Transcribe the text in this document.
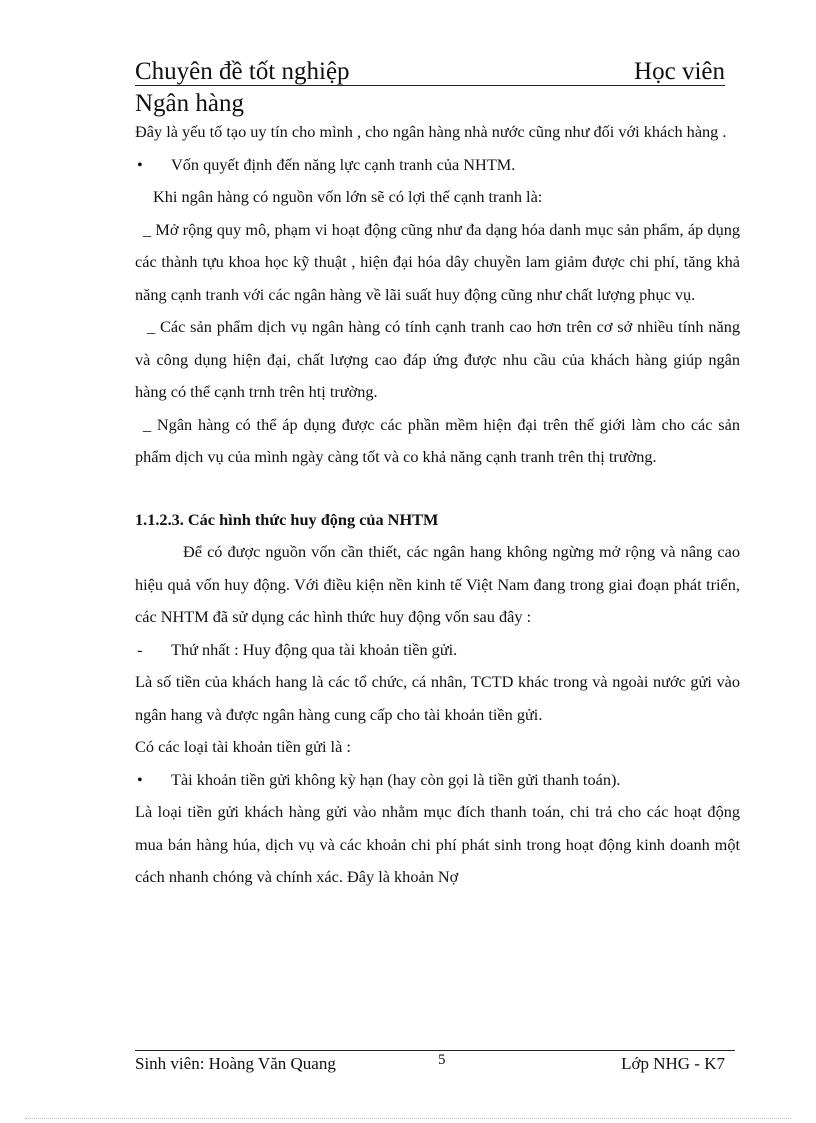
Chuyên đề tốt nghiệp	Học viên
Ngân hàng

Đây là yếu tố tạo uy tín cho mình , cho ngân hàng nhà nước cũng như đối với khách hàng .

•	Vốn quyết định đến năng lực cạnh tranh của NHTM.

Khi ngân hàng có nguồn vốn lớn sẽ có lợi thế cạnh tranh là:

_ Mở rộng quy mô, phạm vi hoạt động cũng như đa dạng hóa danh mục sản phẩm, áp dụng các thành tựu khoa học kỹ thuật , hiện đại hóa dây chuyền lam giảm được chi phí, tăng khả năng cạnh tranh với các ngân hàng về lãi suất huy động cũng như chất lượng phục vụ.

_ Các sản phẩm dịch vụ ngân hàng có tính cạnh tranh cao hơn trên cơ sở nhiều tính năng và công dụng hiện đại, chất lượng cao đáp ứng được nhu cầu của khách hàng giúp ngân hàng có thể cạnh trnh trên htị trường.

_ Ngân hàng có thể áp dụng được các phần mềm hiện đại trên thế giới làm cho các sản phẩm dịch vụ của mình ngày càng tốt và co khả năng cạnh tranh trên thị trường.

1.1.2.3. Các hình thức huy động của NHTM

Để có được nguồn vốn cần thiết, các ngân hang không ngừng mở rộng và nâng cao hiệu quả vốn huy động. Với điều kiện nền kinh tế Việt Nam đang trong giai đoạn phát triển, các NHTM đã sử dụng các hình thức huy động vốn sau đây :

-	Thứ nhất : Huy động qua tài khoản tiền gửi.

Là số tiền của khách hang là các tổ chức, cá nhân, TCTD khác trong và ngoài nước gửi vào ngân hang và được ngân hàng cung cấp cho tài khoản tiền gửi.

Có các loại tài khoản tiền gửi là :

•	Tài khoản tiền gửi không kỳ hạn (hay còn gọi là tiền gửi thanh toán).

Là loại tiền gửi khách hàng gửi vào nhằm mục đích thanh toán, chi trả cho các hoạt động mua bán hàng húa, dịch vụ và các khoản chi phí phát sinh trong hoạt động kinh doanh một cách nhanh chóng và chính xác. Đây là khoản Nợ

Sinh viên: Hoàng Văn Quang	5	Lớp NHG - K7
